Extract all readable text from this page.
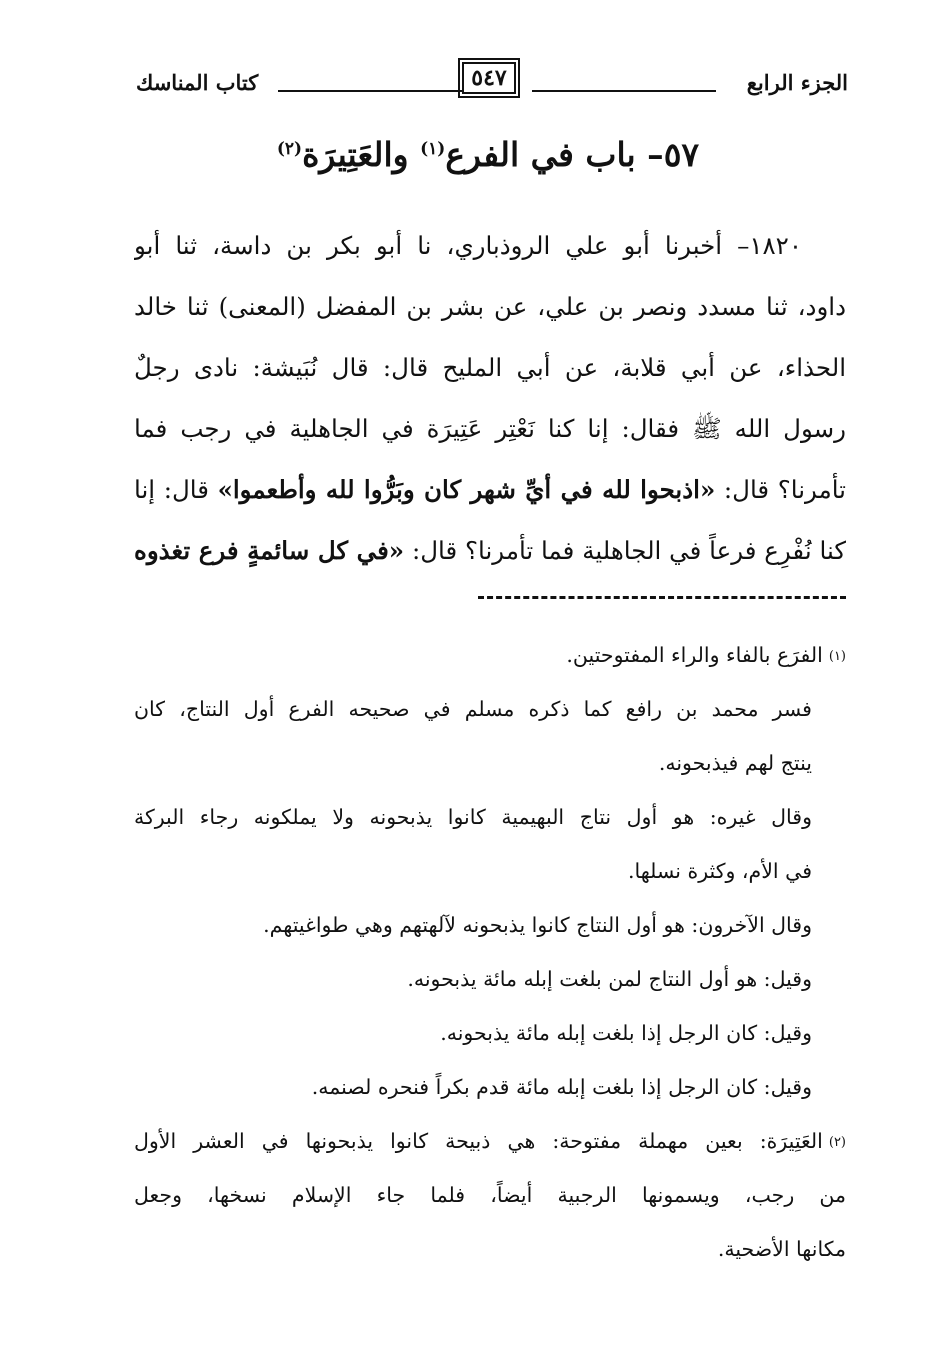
الجزء الرابع
٥٤٧
كتاب المناسك
٥٧– باب في الفرع$^{(١)}$ والعَتِيرَة$^{(٢)}$
١٨٢٠– أخبرنا أبو علي الروذباري، نا أبو بكر بن داسة، ثنا أبو
داود، ثنا مسدد ونصر بن علي، عن بشر بن المفضل (المعنى) ثنا خالد
الحذاء، عن أبي قلابة، عن أبي المليح قال: قال نُبَيشة: نادى رجلٌ
رسول الله ﷺ فقال: إنا كنا نَعْتِر عَتِيرَة في الجاهلية في رجب فما
تأمرنا؟ قال: «اذبحوا لله في أيِّ شهر كان وبَرُّوا لله وأطعموا» قال: إنا
كنا نُفْرِع فرعاً في الجاهلية فما تأمرنا؟ قال: «في كل سائمةٍ فرع تغذوه
(١)الفرَع بالفاء والراء المفتوحتين.
فسر محمد بن رافع كما ذكره مسلم في صحيحه الفرع أول النتاج، كان
ينتج لهم فيذبحونه.
وقال غيره: هو أول نتاج البهيمية كانوا يذبحونه ولا يملكونه رجاء البركة
في الأم، وكثرة نسلها.
وقال الآخرون: هو أول النتاج كانوا يذبحونه لآلهتهم وهي طواغيتهم.
وقيل: هو أول النتاج لمن بلغت إبله مائة يذبحونه.
وقيل: كان الرجل إذا بلغت إبله مائة يذبحونه.
وقيل: كان الرجل إذا بلغت إبله مائة قدم بكراً فنحره لصنمه.
(٢)العَتِيرَة: بعين مهملة مفتوحة: هي ذبيحة كانوا يذبحونها في العشر الأول
من رجب، ويسمونها الرجبية أيضاً، فلما جاء الإسلام نسخها، وجعل
مكانها الأضحية.
